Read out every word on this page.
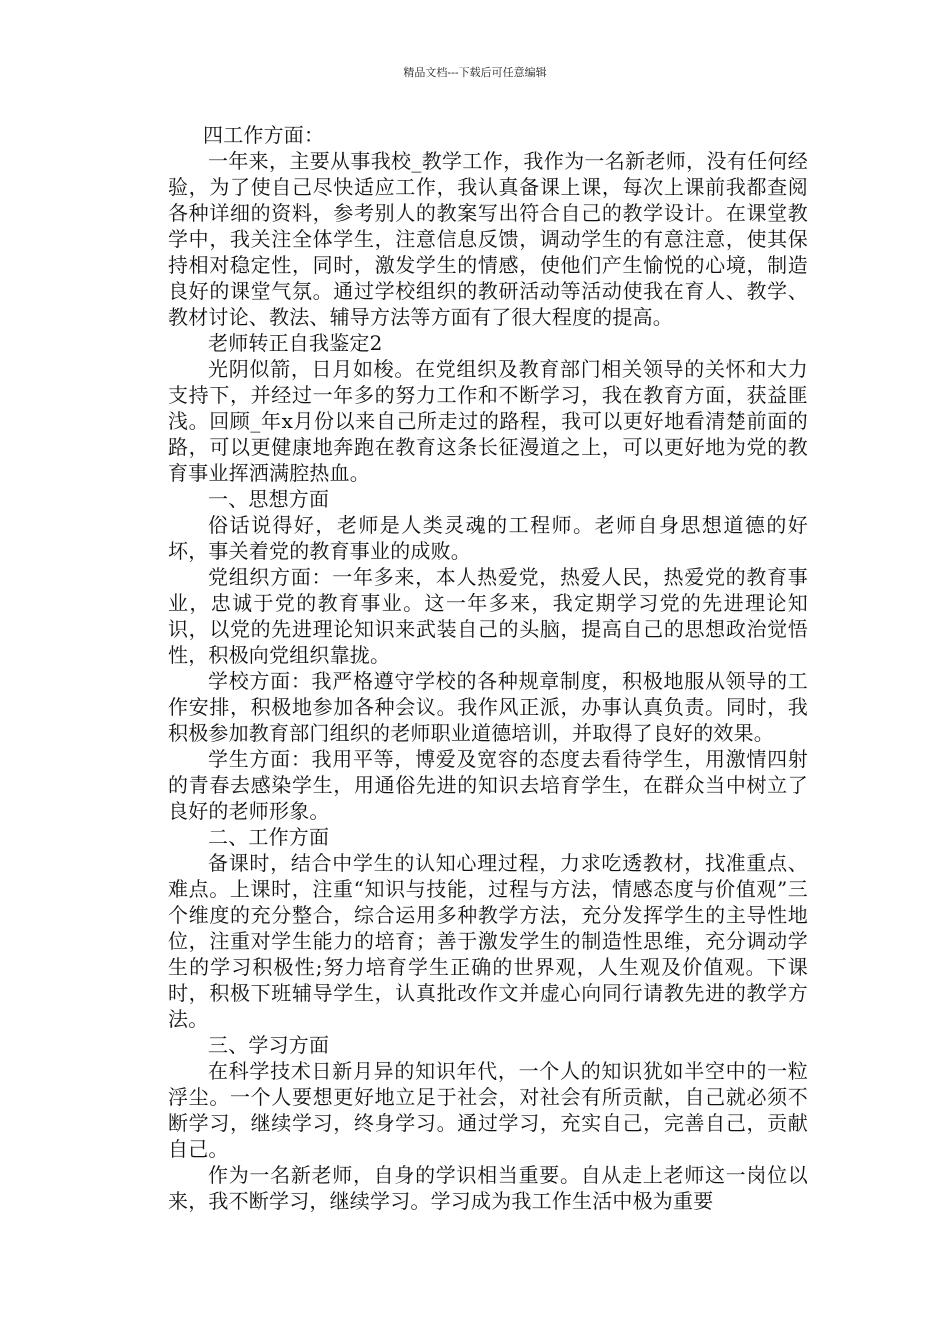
精品文档---下载后可任意编辑

四工作方面：

一年来，主要从事我校_教学工作，我作为一名新老师，没有任何经验，为了使自己尽快适应工作，我认真备课上课，每次上课前我都查阅各种详细的资料，参考别人的教案写出符合自己的教学设计。在课堂教学中，我关注全体学生，注意信息反馈，调动学生的有意注意，使其保持相对稳定性，同时，激发学生的情感，使他们产生愉悦的心境，制造良好的课堂气氛。通过学校组织的教研活动等活动使我在育人、教学、教材讨论、教法、辅导方法等方面有了很大程度的提高。

老师转正自我鉴定2

光阴似箭，日月如梭。在党组织及教育部门相关领导的关怀和大力支持下，并经过一年多的努力工作和不断学习，我在教育方面，获益匪浅。回顾_年x月份以来自己所走过的路程，我可以更好地看清楚前面的路，可以更健康地奔跑在教育这条长征漫道之上，可以更好地为党的教育事业挥洒满腔热血。

一、思想方面

俗话说得好，老师是人类灵魂的工程师。老师自身思想道德的好坏，事关着党的教育事业的成败。

党组织方面：一年多来，本人热爱党，热爱人民，热爱党的教育事业，忠诚于党的教育事业。这一年多来，我定期学习党的先进理论知识，以党的先进理论知识来武装自己的头脑，提高自己的思想政治觉悟性，积极向党组织靠拢。

学校方面：我严格遵守学校的各种规章制度，积极地服从领导的工作安排，积极地参加各种会议。我作风正派，办事认真负责。同时，我积极参加教育部门组织的老师职业道德培训，并取得了良好的效果。

学生方面：我用平等，博爱及宽容的态度去看待学生，用激情四射的青春去感染学生，用通俗先进的知识去培育学生，在群众当中树立了良好的老师形象。

二、工作方面

备课时，结合中学生的认知心理过程，力求吃透教材，找准重点、难点。上课时，注重“知识与技能，过程与方法，情感态度与价值观”三个维度的充分整合，综合运用多种教学方法，充分发挥学生的主导性地位，注重对学生能力的培育；善于激发学生的制造性思维，充分调动学生的学习积极性;努力培育学生正确的世界观，人生观及价值观。下课时，积极下班辅导学生，认真批改作文并虚心向同行请教先进的教学方法。

三、学习方面

在科学技术日新月异的知识年代，一个人的知识犹如半空中的一粒浮尘。一个人要想更好地立足于社会，对社会有所贡献，自己就必须不断学习，继续学习，终身学习。通过学习，充实自己，完善自己，贡献自己。

作为一名新老师，自身的学识相当重要。自从走上老师这一岗位以来，我不断学习，继续学习。学习成为我工作生活中极为重要
